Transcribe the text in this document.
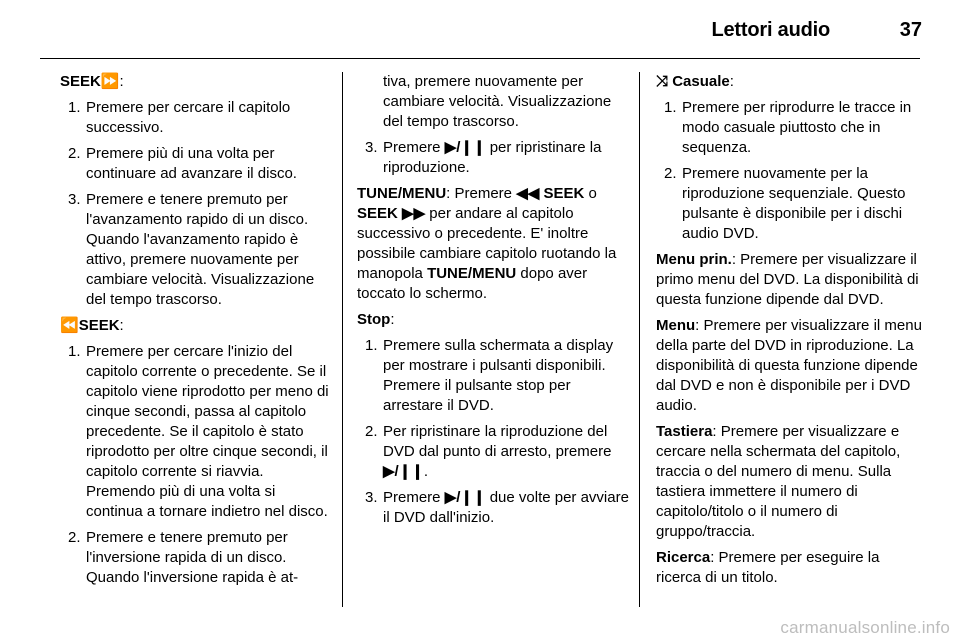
Lettori audio	37

SEEK⏩:

1. Premere per cercare il capitolo successivo.
2. Premere più di una volta per continuare ad avanzare il disco.
3. Premere e tenere premuto per l'avanzamento rapido di un disco. Quando l'avanzamento rapido è attivo, premere nuovamente per cambiare velocità. Visualizzazione del tempo trascorso.

⏪SEEK:

1. Premere per cercare l'inizio del capitolo corrente o precedente. Se il capitolo viene riprodotto per meno di cinque secondi, passa al capitolo precedente. Se il capitolo è stato riprodotto per oltre cinque secondi, il capitolo corrente si riavvia. Premendo più di una volta si continua a tornare indietro nel disco.
2. Premere e tenere premuto per l'inversione rapida di un disco. Quando l'inversione rapida è at-
tiva, premere nuovamente per cambiare velocità. Visualizzazione del tempo trascorso.
3. Premere ▶/❙❙ per ripristinare la riproduzione.

TUNE/MENU: Premere ◀◀ SEEK o SEEK ▶▶ per andare al capitolo successivo o precedente. E' inoltre possibile cambiare capitolo ruotando la manopola TUNE/MENU dopo aver toccato lo schermo.

Stop:

1. Premere sulla schermata a display per mostrare i pulsanti disponibili. Premere il pulsante stop per arrestare il DVD.
2. Per ripristinare la riproduzione del DVD dal punto di arresto, premere ▶/❙❙.
3. Premere ▶/❙❙ due volte per avviare il DVD dall'inizio.

⤨ Casuale:

1. Premere per riprodurre le tracce in modo casuale piuttosto che in sequenza.
2. Premere nuovamente per la riproduzione sequenziale. Questo pulsante è disponibile per i dischi audio DVD.

Menu prin.: Premere per visualizzare il primo menu del DVD. La disponibilità di questa funzione dipende dal DVD.

Menu: Premere per visualizzare il menu della parte del DVD in riproduzione. La disponibilità di questa funzione dipende dal DVD e non è disponibile per i DVD audio.

Tastiera: Premere per visualizzare e cercare nella schermata del capitolo, traccia o del numero di menu. Sulla tastiera immettere il numero di capitolo/titolo o il numero di gruppo/traccia.

Ricerca: Premere per eseguire la ricerca di un titolo.

carmanualsonline.info
